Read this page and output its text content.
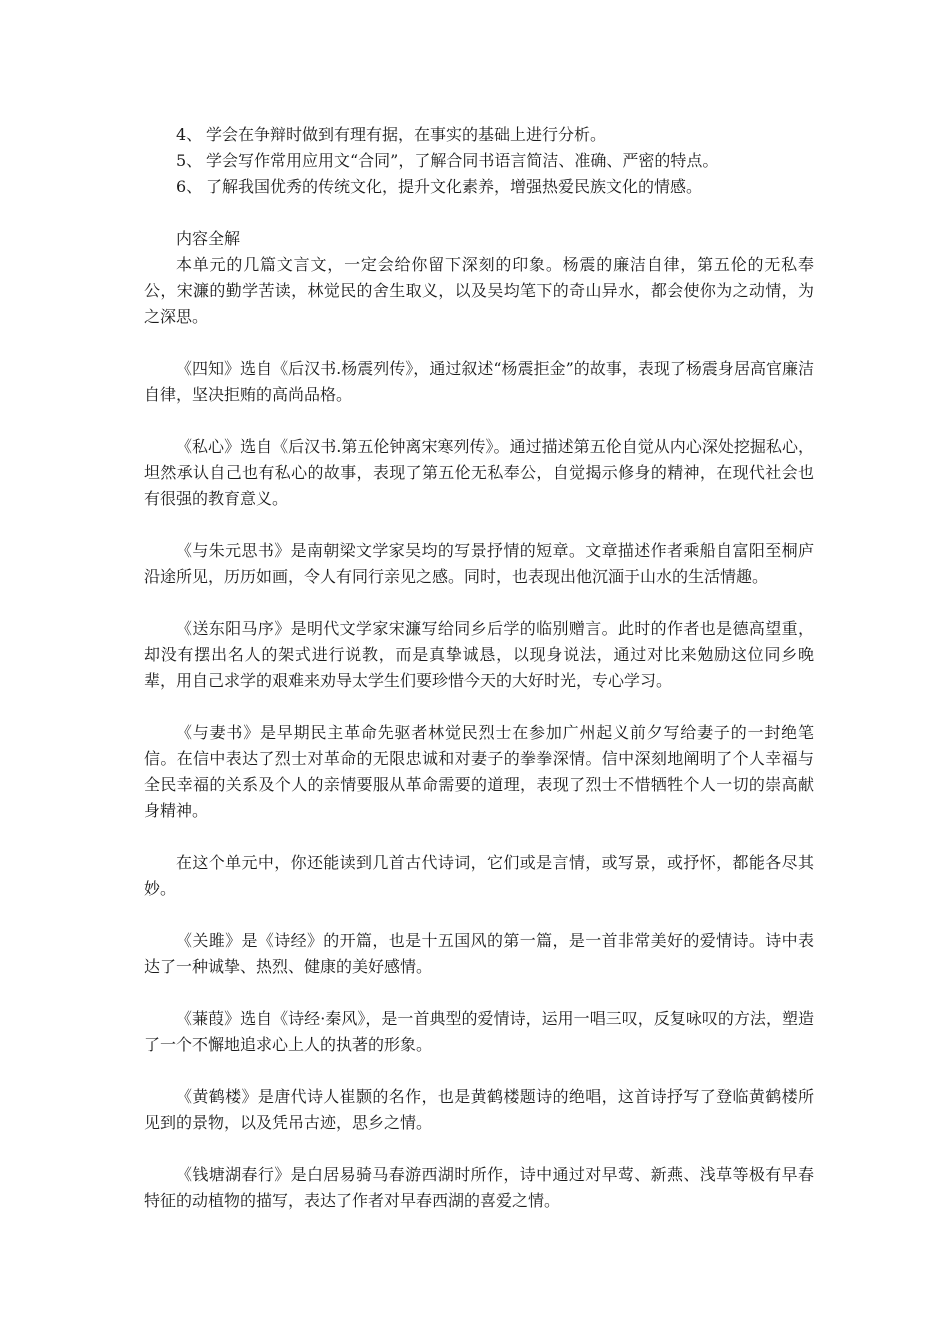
4、 学会在争辩时做到有理有据，在事实的基础上进行分析。
5、 学会写作常用应用文“合同”，了解合同书语言简洁、准确、严密的特点。
6、 了解我国优秀的传统文化，提升文化素养，增强热爱民族文化的情感。
内容全解

本单元的几篇文言文，一定会给你留下深刻的印象。杨震的廉洁自律，第五伦的无私奉公，宋濂的勤学苦读，林觉民的舍生取义，以及吴均笔下的奇山异水，都会使你为之动情，为之深思。

《四知》选自《后汉书.杨震列传》，通过叙述“杨震拒金”的故事，表现了杨震身居高官廉洁自律，坚决拒贿的高尚品格。

《私心》选自《后汉书.第五伦钟离宋寒列传》。通过描述第五伦自觉从内心深处挖掘私心，坦然承认自己也有私心的故事，表现了第五伦无私奉公，自觉揭示修身的精神，在现代社会也有很强的教育意义。

《与朱元思书》是南朝梁文学家吴均的写景抒情的短章。文章描述作者乘船自富阳至桐庐沿途所见，历历如画，令人有同行亲见之感。同时，也表现出他沉湎于山水的生活情趣。

《送东阳马序》是明代文学家宋濂写给同乡后学的临别赠言。此时的作者也是德高望重，却没有摆出名人的架式进行说教，而是真挚诚恳，以现身说法，通过对比来勉励这位同乡晚辈，用自己求学的艰难来劝导太学生们要珍惜今天的大好时光，专心学习。

《与妻书》是早期民主革命先驱者林觉民烈士在参加广州起义前夕写给妻子的一封绝笔信。在信中表达了烈士对革命的无限忠诚和对妻子的拳拳深情。信中深刻地阐明了个人幸福与全民幸福的关系及个人的亲情要服从革命需要的道理，表现了烈士不惜牺牲个人一切的崇高献身精神。

在这个单元中，你还能读到几首古代诗词，它们或是言情，或写景，或抒怀，都能各尽其妙。

《关雎》是《诗经》的开篇，也是十五国风的第一篇，是一首非常美好的爱情诗。诗中表达了一种诚挚、热烈、健康的美好感情。

《蒹葭》选自《诗经·秦风》，是一首典型的爱情诗，运用一唱三叹，反复咏叹的方法，塑造了一个不懈地追求心上人的执著的形象。

《黄鹤楼》是唐代诗人崔颢的名作，也是黄鹤楼题诗的绝唱，这首诗抒写了登临黄鹤楼所见到的景物，以及凭吊古迹，思乡之情。

《钱塘湖春行》是白居易骑马春游西湖时所作，诗中通过对早莺、新燕、浅草等极有早春特征的动植物的描写，表达了作者对早春西湖的喜爱之情。
